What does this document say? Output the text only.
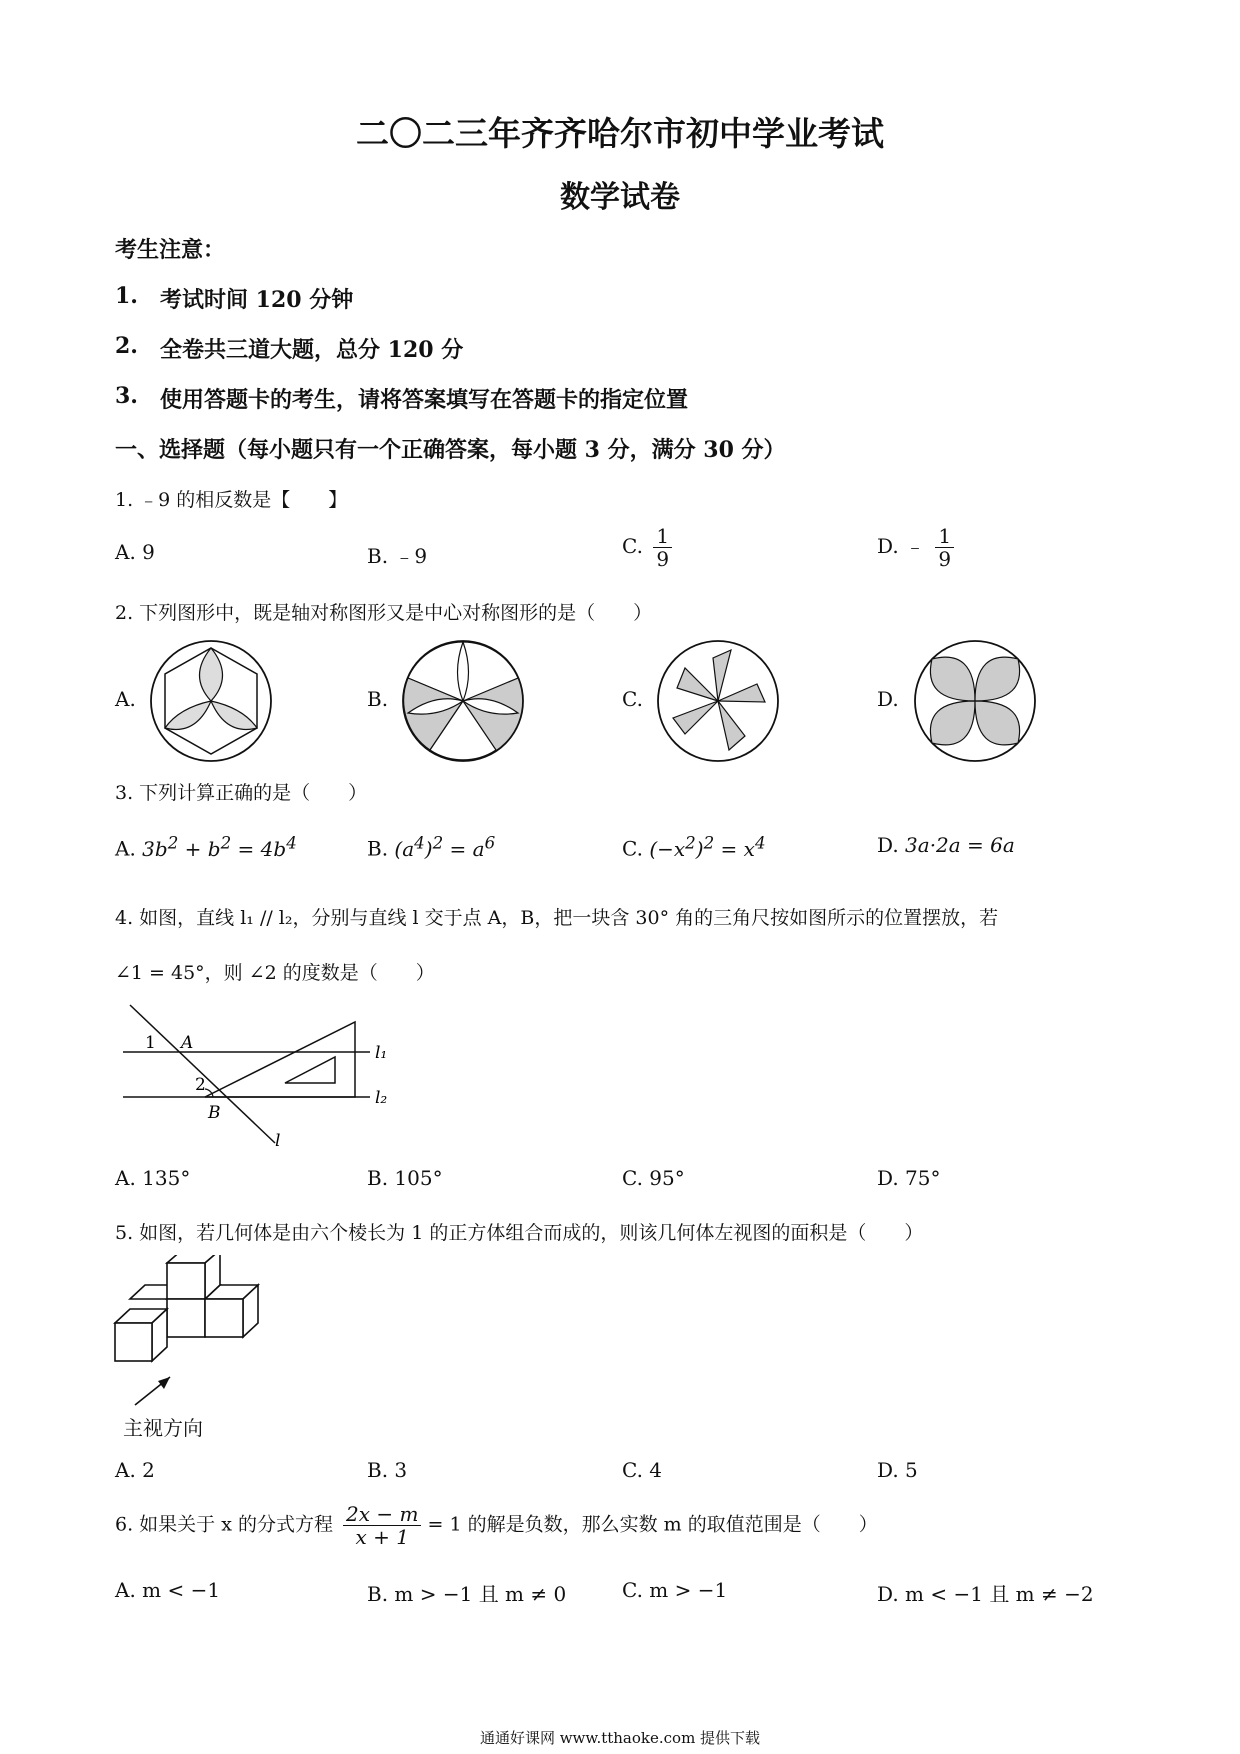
二〇二三年齐齐哈尔市初中学业考试
数学试卷
考生注意：
1. 考试时间 120 分钟
2. 全卷共三道大题，总分 120 分
3. 使用答题卡的考生，请将答案填写在答题卡的指定位置
一、选择题（每小题只有一个正确答案，每小题 3 分，满分 30 分）
1. ﹣9 的相反数是【　　】
A. 9	B. ﹣9	C. $\frac{1}{9}$	D. ﹣ $\frac{1}{9}$
2. 下列图形中，既是轴对称图形又是中心对称图形的是（　　）
A.	B.	C.	D.
3. 下列计算正确的是（　　）
A. $3b^2 + b^2 = 4b^4$	B. $(a^4)^2 = a^6$	C. $(-x^2)^2 = x^4$	D. 3a·2a = 6a
4. 如图，直线 l₁ // l₂，分别与直线 l 交于点 A，B，把一块含 30° 角的三角尺按如图所示的位置摆放，若
∠1 = 45°，则 ∠2 的度数是（　　）
1 A
2
B
l
l₁
l₂
A. 135°	B. 105°	C. 95°	D. 75°
5. 如图，若几何体是由六个棱长为 1 的正方体组合而成的，则该几何体左视图的面积是（　　）
主视方向
A. 2	B. 3	C. 4	D. 5
6. 如果关于 x 的分式方程 $\frac{2x - m}{x + 1} = 1$ 的解是负数，那么实数 m 的取值范围是（　　）
A. m < −1	B. m > −1 且 m ≠ 0	C. m > −1	D. m < −1 且 m ≠ −2
通通好课网 www.tthaoke.com 提供下载
